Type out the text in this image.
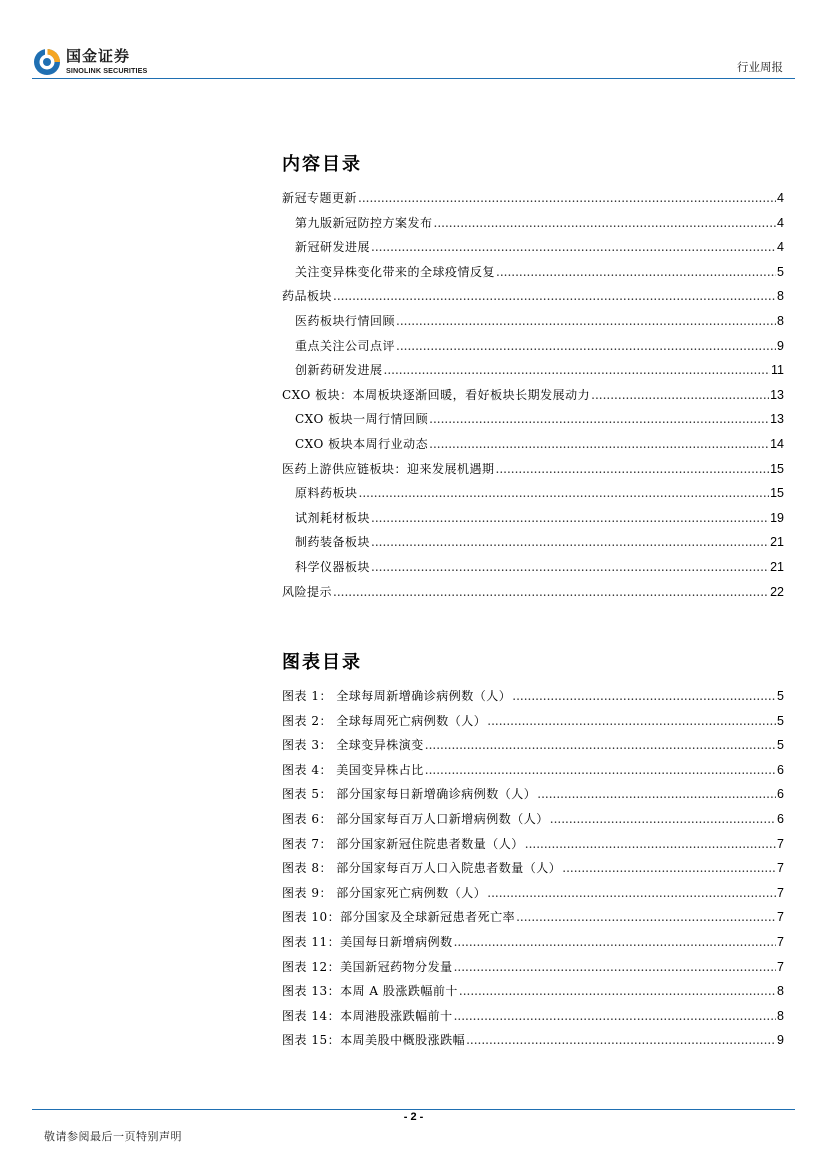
国金证券
SINOLINK SECURITIES	行业周报
内容目录
新冠专题更新 .....	4
第九版新冠防控方案发布 .....	4
新冠研发进展 .....	4
关注变异株变化带来的全球疫情反复 .....	5
药品板块 .....	8
医药板块行情回顾 .....	8
重点关注公司点评 .....	9
创新药研发进展 .....	11
CXO 板块：本周板块逐渐回暖，看好板块长期发展动力 .....	13
CXO 板块一周行情回顾 .....	13
CXO 板块本周行业动态 .....	14
医药上游供应链板块：迎来发展机遇期 .....	15
原料药板块 .....	15
试剂耗材板块 .....	19
制药装备板块 .....	21
科学仪器板块 .....	21
风险提示 .....	22
图表目录
图表 1： 全球每周新增确诊病例数（人） .....	5
图表 2： 全球每周死亡病例数（人） .....	5
图表 3： 全球变异株演变 .....	5
图表 4： 美国变异株占比 .....	6
图表 5： 部分国家每日新增确诊病例数（人） .....	6
图表 6： 部分国家每百万人口新增病例数（人） .....	6
图表 7： 部分国家新冠住院患者数量（人） .....	7
图表 8： 部分国家每百万人口入院患者数量（人） .....	7
图表 9： 部分国家死亡病例数（人） .....	7
图表 10：部分国家及全球新冠患者死亡率 .....	7
图表 11：美国每日新增病例数 .....	7
图表 12：美国新冠药物分发量 .....	7
图表 13：本周 A 股涨跌幅前十 .....	8
图表 14：本周港股涨跌幅前十 .....	8
图表 15：本周美股中概股涨跌幅 .....	9
- 2 -
敬请参阅最后一页特别声明
